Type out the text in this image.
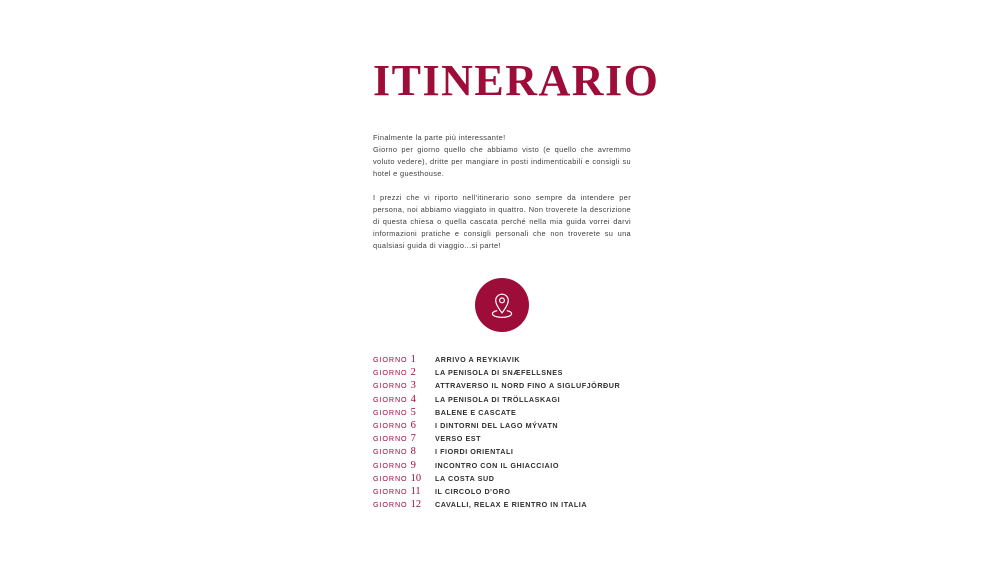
ITINERARIO

Finalmente la parte più interessante!

Giorno per giorno quello che abbiamo visto (e quello che avremmo voluto vedere), dritte per mangiare in posti indimenticabili e consigli su hotel e guesthouse.

I prezzi che vi riporto nell'itinerario sono sempre da intendere per persona, noi abbiamo viaggiato in quattro. Non troverete la descrizione di questa chiesa o quella cascata perché nella mia guida vorrei darvi informazioni pratiche e consigli personali che non troverete su una qualsiasi guida di viaggio...si parte!

GIORNO 1	ARRIVO A REYKIAVIK
GIORNO 2	LA PENISOLA DI SNÆFELLSNES
GIORNO 3	ATTRAVERSO IL NORD FINO A SIGLUFJÖRÐUR
GIORNO 4	LA PENISOLA DI TRÖLLASKAGI
GIORNO 5	BALENE E CASCATE
GIORNO 6	I DINTORNI DEL LAGO MÝVATN
GIORNO 7	VERSO EST
GIORNO 8	I FIORDI ORIENTALI
GIORNO 9	INCONTRO CON IL GHIACCIAIO
GIORNO 10	LA COSTA SUD
GIORNO 11	IL CIRCOLO D'ORO
GIORNO 12	CAVALLI, RELAX E RIENTRO IN ITALIA
